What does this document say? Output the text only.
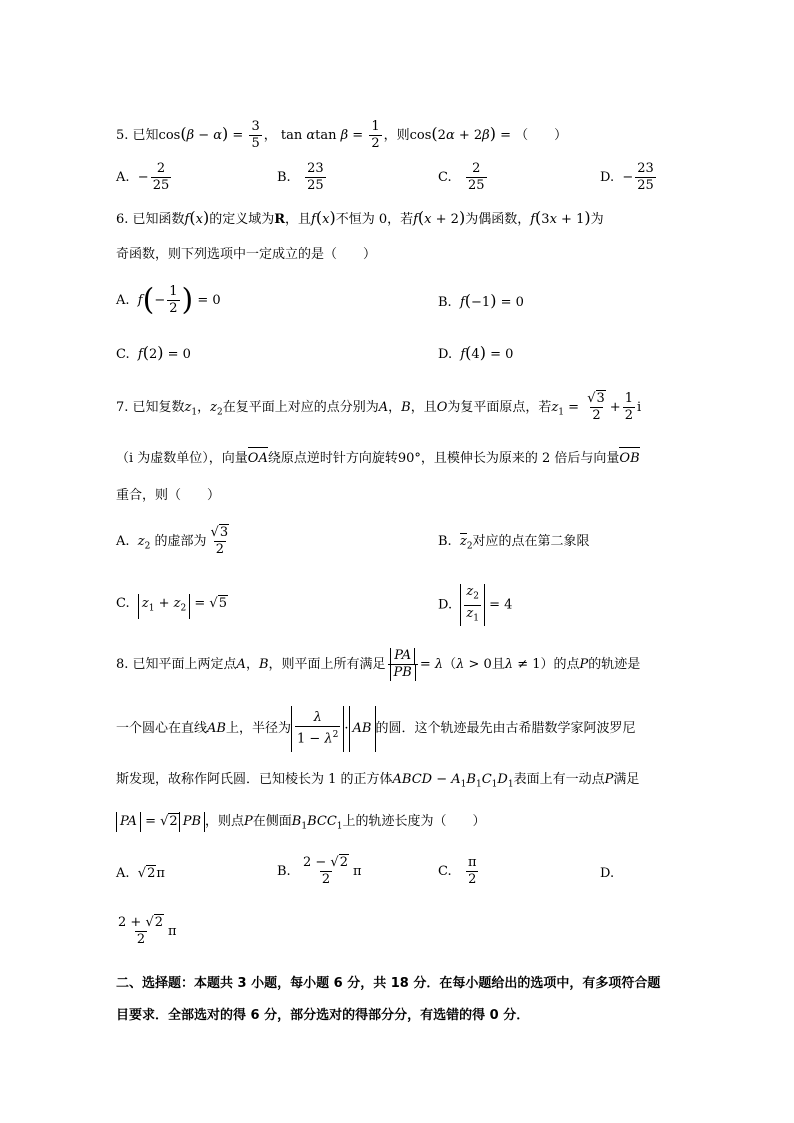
5. 已知$\cos(\beta - \alpha) = \frac{3}{5}$ ， tan αtan $\beta = \frac{1}{2}$ ，则cos(2α + 2β) = （　　）
A.  − $\frac{2}{25}$	B. $\frac{23}{25}$	C. $\frac{2}{25}$	D.  − $\frac{23}{25}$
6. 已知函数f(x)的定义域为R，且f(x)不恒为 0，若f(x + 2)为偶函数，f(3x + 1)为
奇函数，则下列选项中一定成立的是（　　）
A. $f(- \frac{1}{2}$ ) = 0	B. f(−1) = 0
C. f(2) = 0	D. f(4) = 0
7. 已知复数$z_1$，$z_2$在复平面上对应的点分别为A，B，且O为复平面原点，若$z_1 = \frac{√3}{2} + \frac{1}{2}$ i
（i 为虚数单位），向量OA绕原点逆时针方向旋转90°，且模伸长为原来的 2 倍后与向量OB
重合，则（　　）
A. $z_2$ 的虚部为 $\frac{√3}{2}$	B. $z_2$对应的点在第二象限
C. $z_1 + z_2 = √5$	D. $\frac{z_2}{z_1} = 4$
8. 已知平面上两定点A，B，则平面上所有满足 $\frac{PA}{PB} = \lambda(\lambda > 0$且λ ≠ 1）的点P的轨迹是
一个圆心在直线AB上，半径为 $\frac{\lambda}{1 - \lambda^2}$ · AB 的圆．这个轨迹最先由古希腊数学家阿波罗尼
斯发现，故称作阿氏圆．已知棱长为 1 的正方体ABCD − $A_1B_1C_1D_1$表面上有一动点P满足
PA = √2 PB ，则点P在侧面$B_1BCC_1$上的轨迹长度为（　　）
A. √2π	B. $\frac{2 - √2}{2}$ π	C. $\frac{\pi}{2}$	D.
$\frac{2 + √2}{2}$ π
二、选择题：本题共 3 小题，每小题 6 分，共 18 分．在每小题给出的选项中，有多项符合题
目要求．全部选对的得 6 分，部分选对的得部分分，有选错的得 0 分．
